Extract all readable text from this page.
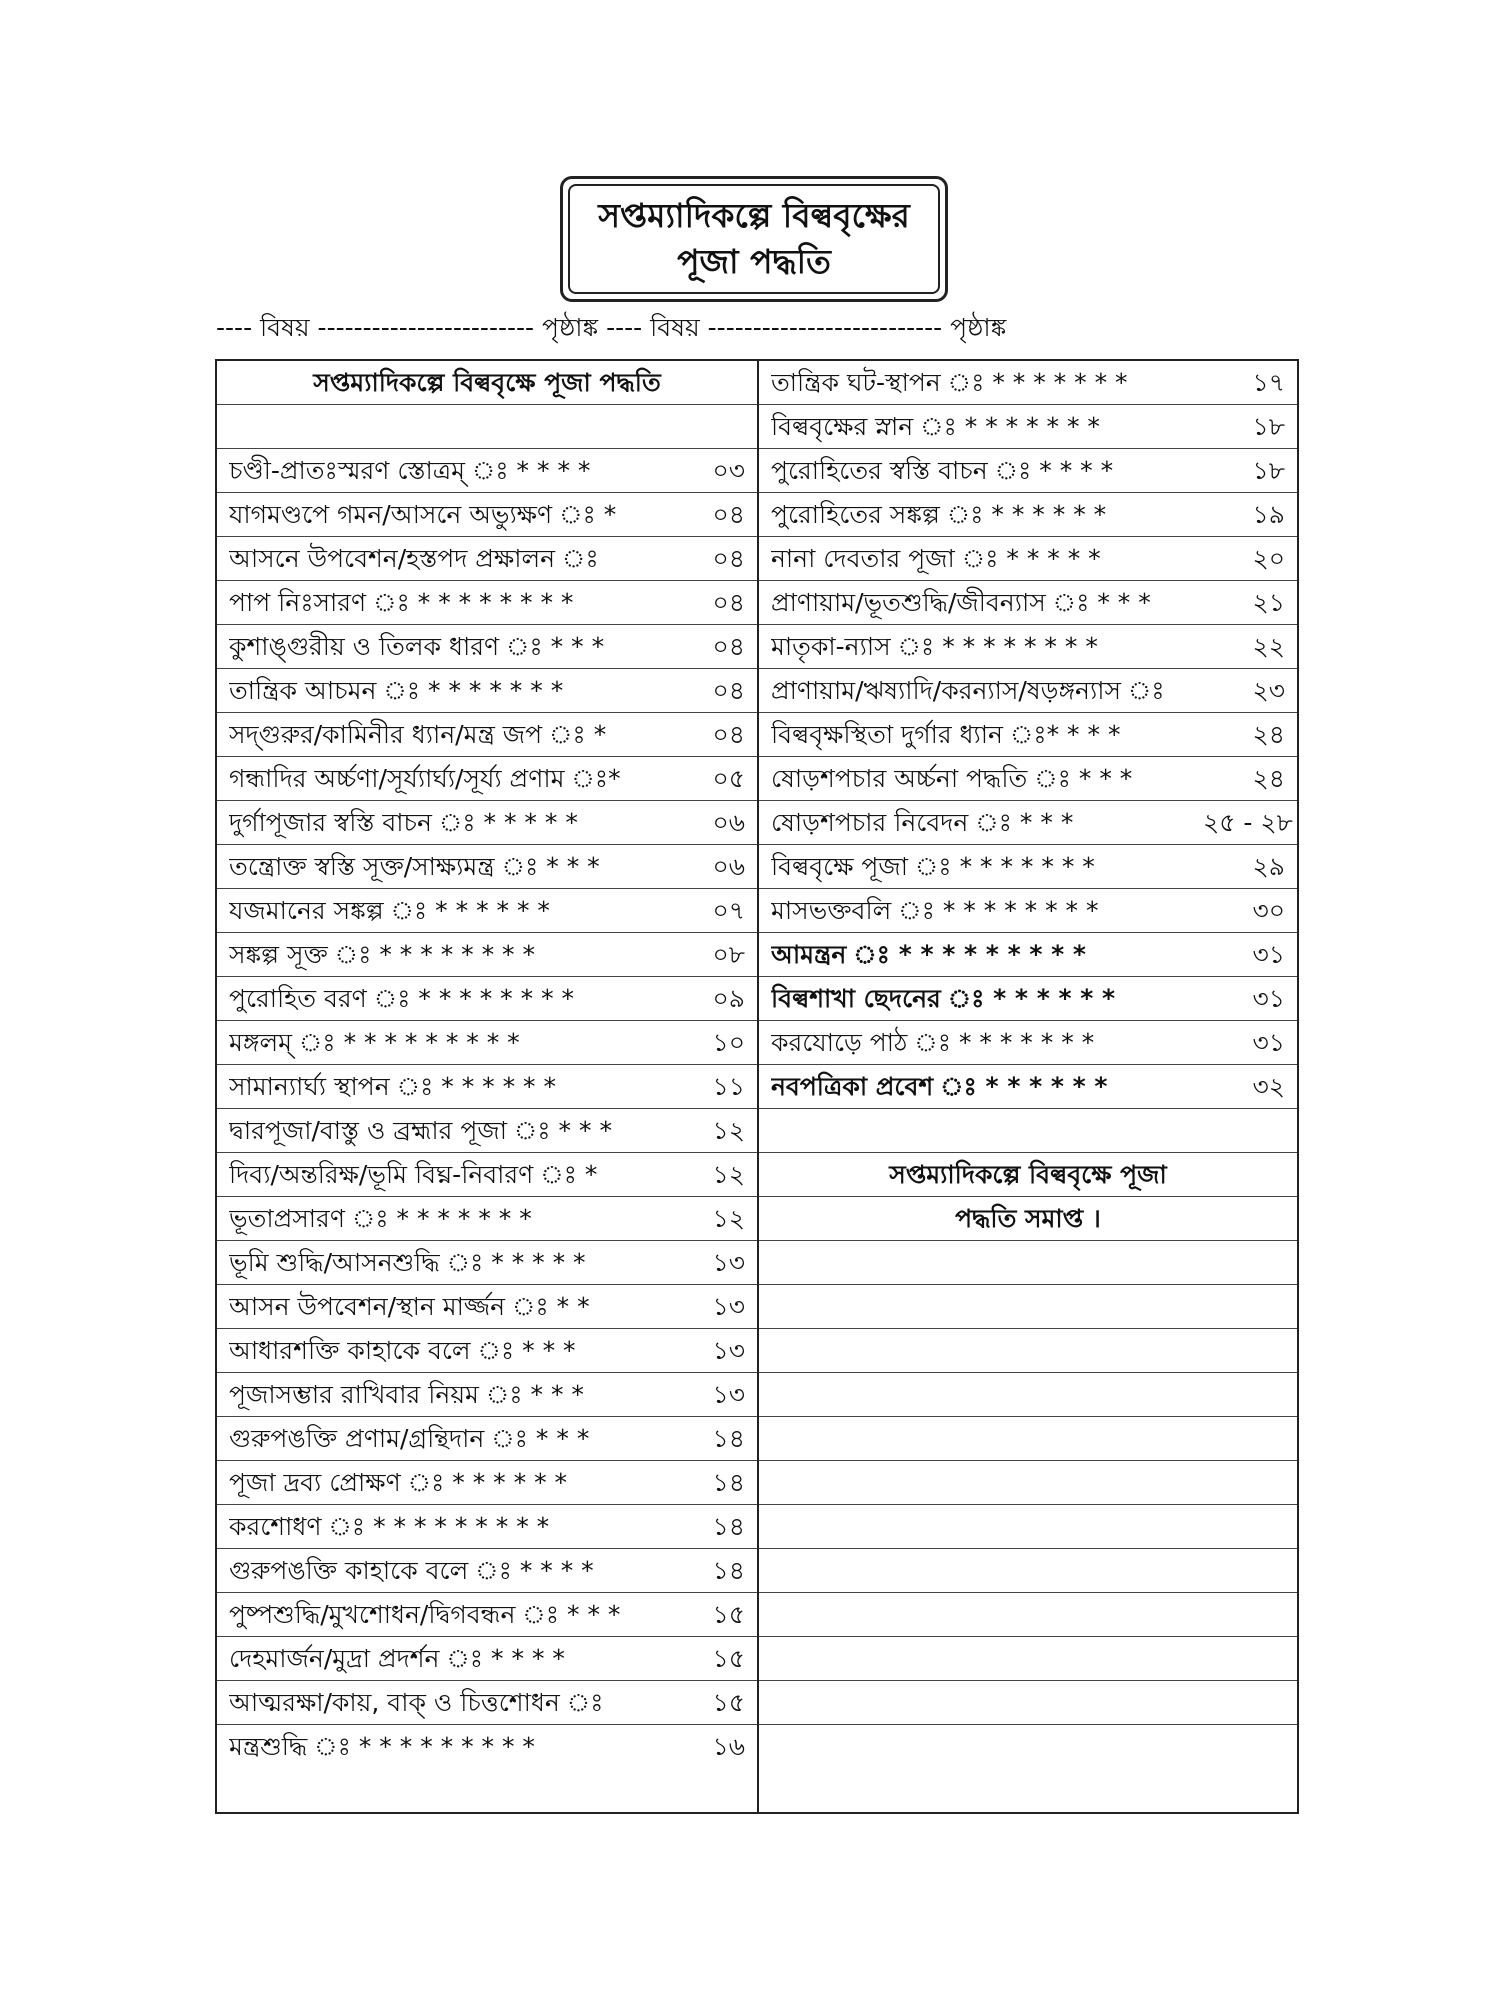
সপ্তম্যাদিকল্পে বিল্ববৃক্ষের
পূজা পদ্ধতি
---- বিষয় ------------------------ পৃষ্ঠাঙ্ক ---- বিষয় -------------------------- পৃষ্ঠাঙ্ক
সপ্তম্যাদিকল্পে বিল্ববৃক্ষে পূজা পদ্ধতি
চণ্ডী-প্রাতঃস্মরণ স্তোত্রম্ ঃ * * * *	০৩
যাগমণ্ডপে গমন/আসনে অভ্যুক্ষণ ঃ *	০৪
আসনে উপবেশন/হস্তপদ প্রক্ষালন ঃ	০৪
পাপ নিঃসারণ ঃ * * * * * * * *	০৪
কুশাঙ্গুরীয় ও তিলক ধারণ ঃ * * *	০৪
তান্ত্রিক আচমন ঃ * * * * * * *	০৪
সদ্গুরুর/কামিনীর ধ্যান/মন্ত্র জপ ঃ *	০৪
গন্ধাদির অর্চ্চণা/সূর্য্যার্ঘ্য/সূর্য্য প্রণাম ঃ*	০৫
দুর্গাপূজার স্বস্তি বাচন ঃ * * * * *	০৬
তন্ত্রোক্ত স্বস্তি সূক্ত/সাক্ষ্যমন্ত্র ঃ * * *	০৬
যজমানের সঙ্কল্প ঃ * * * * * *	০৭
সঙ্কল্প সূক্ত ঃ * * * * * * * *	০৮
পুরোহিত বরণ ঃ * * * * * * * *	০৯
মঙ্গলম্ ঃ * * * * * * * * *	১০
সামান্যার্ঘ্য স্থাপন ঃ * * * * * *	১১
দ্বারপূজা/বাস্তু ও ব্রহ্মার পূজা ঃ * * *	১২
দিব্য/অন্তরিক্ষ/ভূমি বিঘ্ন-নিবারণ ঃ *	১২
ভূতাপ্রসারণ ঃ * * * * * * *	১২
ভূমি শুদ্ধি/আসনশুদ্ধি ঃ * * * * *	১৩
আসন উপবেশন/স্থান মার্জ্জন ঃ * *	১৩
আধারশক্তি কাহাকে বলে ঃ * * *	১৩
পূজাসম্ভার রাখিবার নিয়ম ঃ * * *	১৩
গুরুপঙক্তি প্রণাম/গ্রন্থিদান ঃ * * *	১৪
পূজা দ্রব্য প্রোক্ষণ ঃ * * * * * *	১৪
করশোধণ ঃ * * * * * * * * *	১৪
গুরুপঙক্তি কাহাকে বলে ঃ * * * *	১৪
পুষ্পশুদ্ধি/মুখশোধন/দ্বিগবন্ধন ঃ * * *	১৫
দেহমার্জন/মুদ্রা প্রদর্শন ঃ * * * *	১৫
আত্মরক্ষা/কায়, বাক্ ও চিত্তশোধন ঃ	১৫
মন্ত্রশুদ্ধি ঃ * * * * * * * * *	১৬
তান্ত্রিক ঘট-স্থাপন ঃ * * * * * * *	১৭
বিল্ববৃক্ষের স্নান ঃ * * * * * * *	১৮
পুরোহিতের স্বস্তি বাচন ঃ * * * *	১৮
পুরোহিতের সঙ্কল্প ঃ * * * * * *	১৯
নানা দেবতার পূজা ঃ * * * * *	২০
প্রাণায়াম/ভূতশুদ্ধি/জীবন্যাস ঃ * * *	২১
মাতৃকা-ন্যাস ঃ * * * * * * * *	২২
প্রাণায়াম/ঋষ্যাদি/করন্যাস/ষড়ঙ্গন্যাস ঃ	২৩
বিল্ববৃক্ষস্থিতা দুর্গার ধ্যান ঃ* * * *	২৪
ষোড়শপচার অর্চ্চনা পদ্ধতি ঃ * * *	২৪
ষোড়শপচার নিবেদন ঃ * * *	২৫ - ২৮
বিল্ববৃক্ষে পূজা ঃ * * * * * * *	২৯
মাসভক্তবলি ঃ * * * * * * * *	৩০
আমন্ত্রন ঃ * * * * * * * * *	৩১
বিল্বশাখা ছেদনের ঃ * * * * * *	৩১
করযোড়ে পাঠ ঃ * * * * * * *	৩১
নবপত্রিকা প্রবেশ ঃ * * * * * *	৩২
সপ্তম্যাদিকল্পে বিল্ববৃক্ষে পূজা
পদ্ধতি সমাপ্ত ।
